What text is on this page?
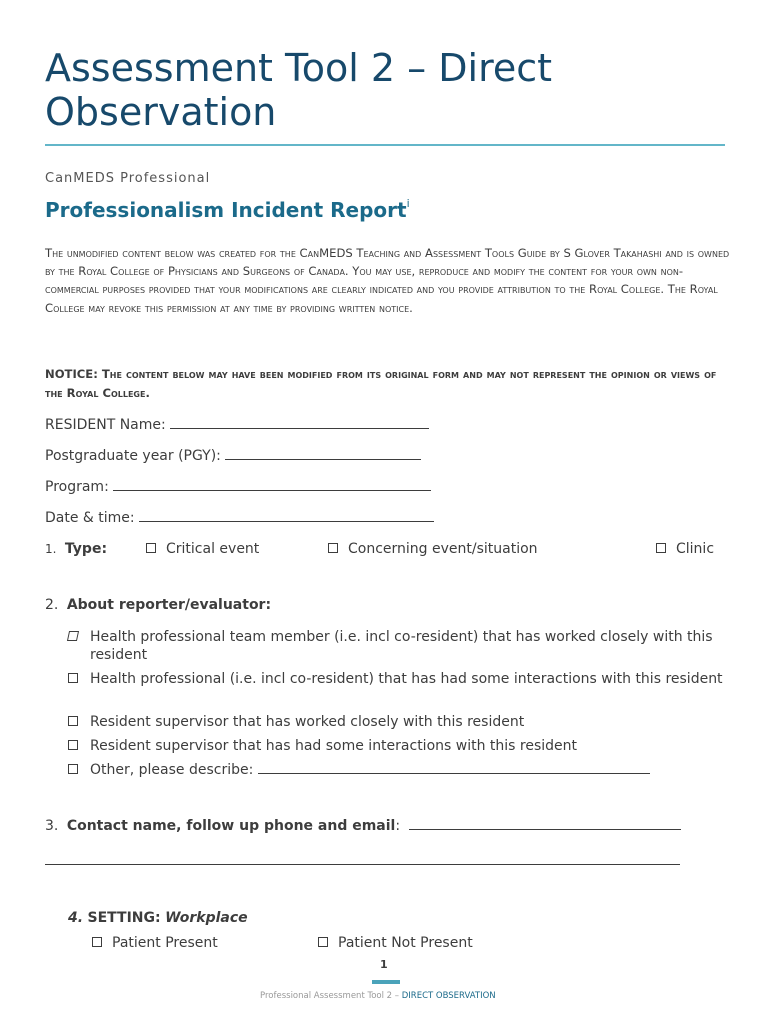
Assessment Tool 2 – Direct Observation
CanMEDS Professional
Professionalism Incident Report$^i$
The unmodified content below was created for the CanMEDS Teaching and Assessment Tools Guide by S Glover Takahashi and is owned by the Royal College of Physicians and Surgeons of Canada. You may use, reproduce and modify the content for your own non-commercial purposes provided that your modifications are clearly indicated and you provide attribution to the Royal College. The Royal College may revoke this permission at any time by providing written notice.
NOTICE: The content below may have been modified from its original form and may not represent the opinion or views of the Royal College.
RESIDENT Name:
Postgraduate year (PGY):
Program:
Date & time:
1. Type:	Critical event	Concerning event/situation	Clinic
2. About reporter/evaluator:
Health professional team member (i.e. incl co-resident) that has worked closely with this resident
Health professional (i.e. incl co-resident) that has had some interactions with this resident
Resident supervisor that has worked closely with this resident
Resident supervisor that has had some interactions with this resident
Other, please describe:
3. Contact name, follow up phone and email:
4. SETTING: Workplace
Patient Present	Patient Not Present
1
Professional Assessment Tool 2 – DIRECT OBSERVATION
